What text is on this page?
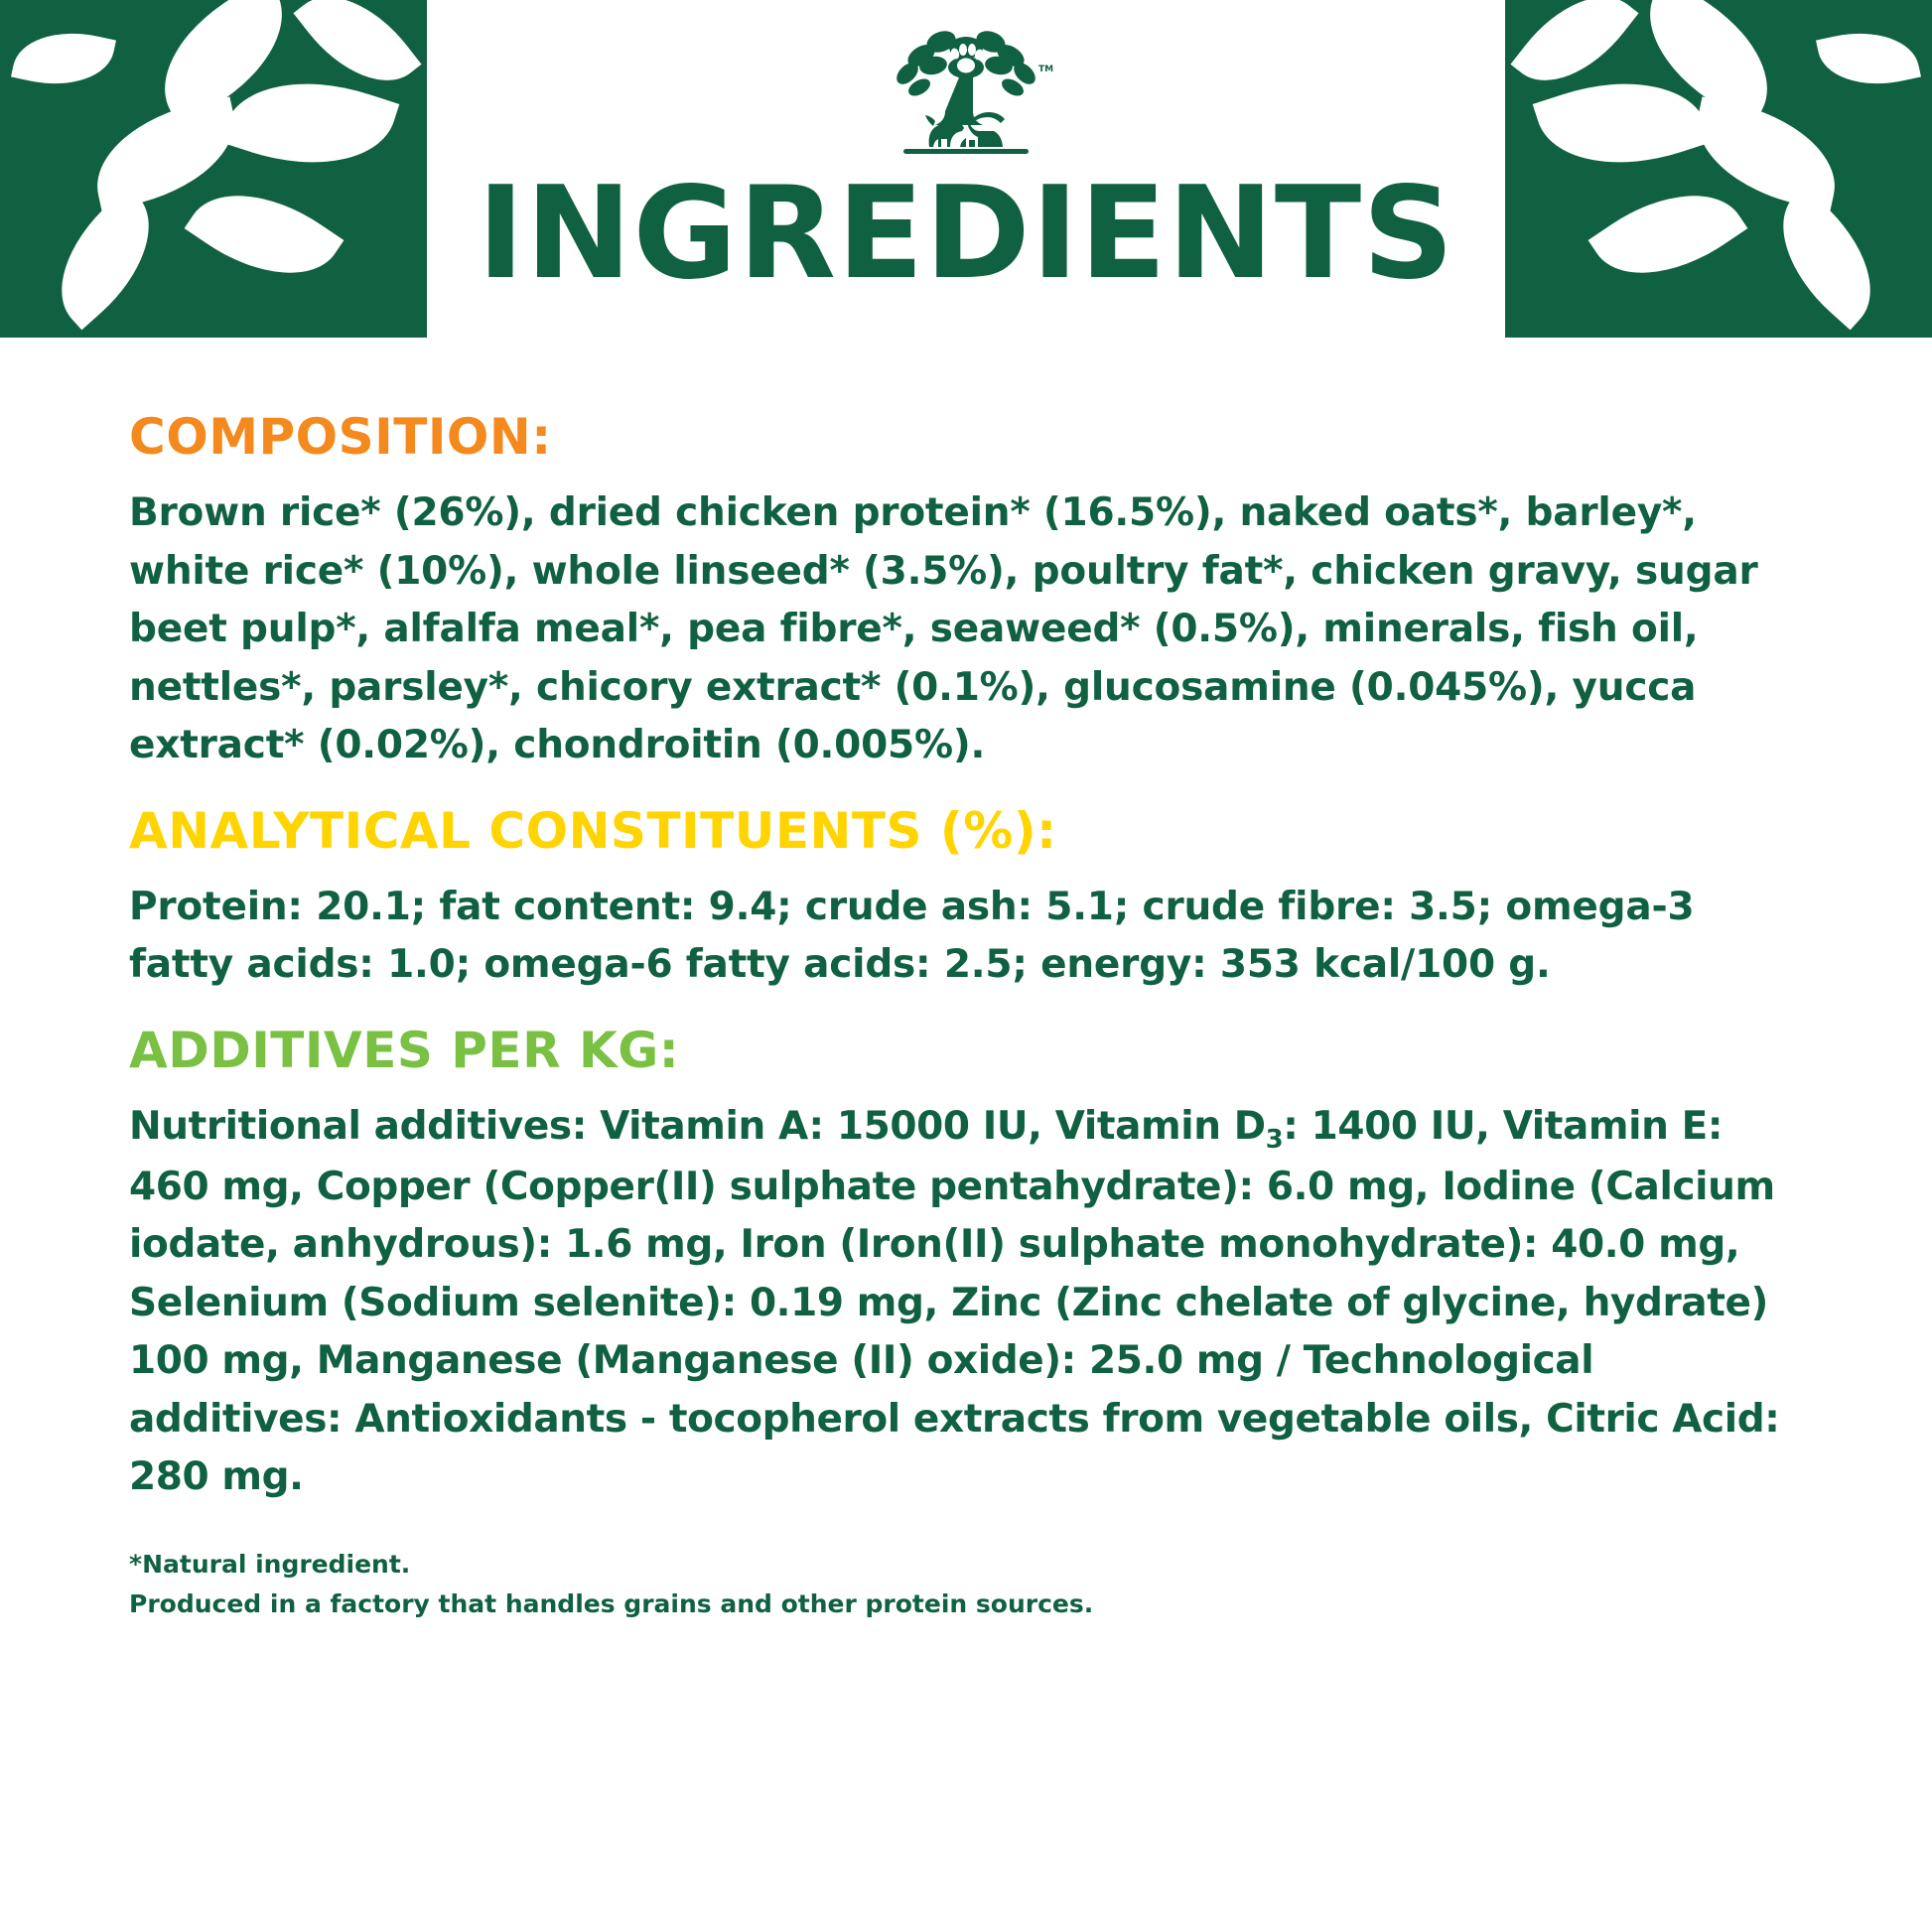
TM
INGREDIENTS
COMPOSITION:
Brown rice* (26%), dried chicken protein* (16.5%), naked oats*, barley*, white rice* (10%), whole linseed* (3.5%), poultry fat*, chicken gravy, sugar beet pulp*, alfalfa meal*, pea fibre*, seaweed* (0.5%), minerals, fish oil, nettles*, parsley*, chicory extract* (0.1%), glucosamine (0.045%), yucca extract* (0.02%), chondroitin (0.005%).
ANALYTICAL CONSTITUENTS (%):
Protein: 20.1; fat content: 9.4; crude ash: 5.1; crude fibre: 3.5; omega-3 fatty acids: 1.0; omega-6 fatty acids: 2.5; energy: 353 kcal/100 g.
ADDITIVES PER KG:
Nutritional additives: Vitamin A: 15000 IU, Vitamin $D_3$: 1400 IU, Vitamin E: 460 mg, Copper (Copper(II) sulphate pentahydrate): 6.0 mg, Iodine (Calcium iodate, anhydrous): 1.6 mg, Iron (Iron(II) sulphate monohydrate): 40.0 mg, Selenium (Sodium selenite): 0.19 mg, Zinc (Zinc chelate of glycine, hydrate) 100 mg, Manganese (Manganese (II) oxide): 25.0 mg / Technological additives: Antioxidants - tocopherol extracts from vegetable oils, Citric Acid: 280 mg.
*Natural ingredient.
Produced in a factory that handles grains and other protein sources.
